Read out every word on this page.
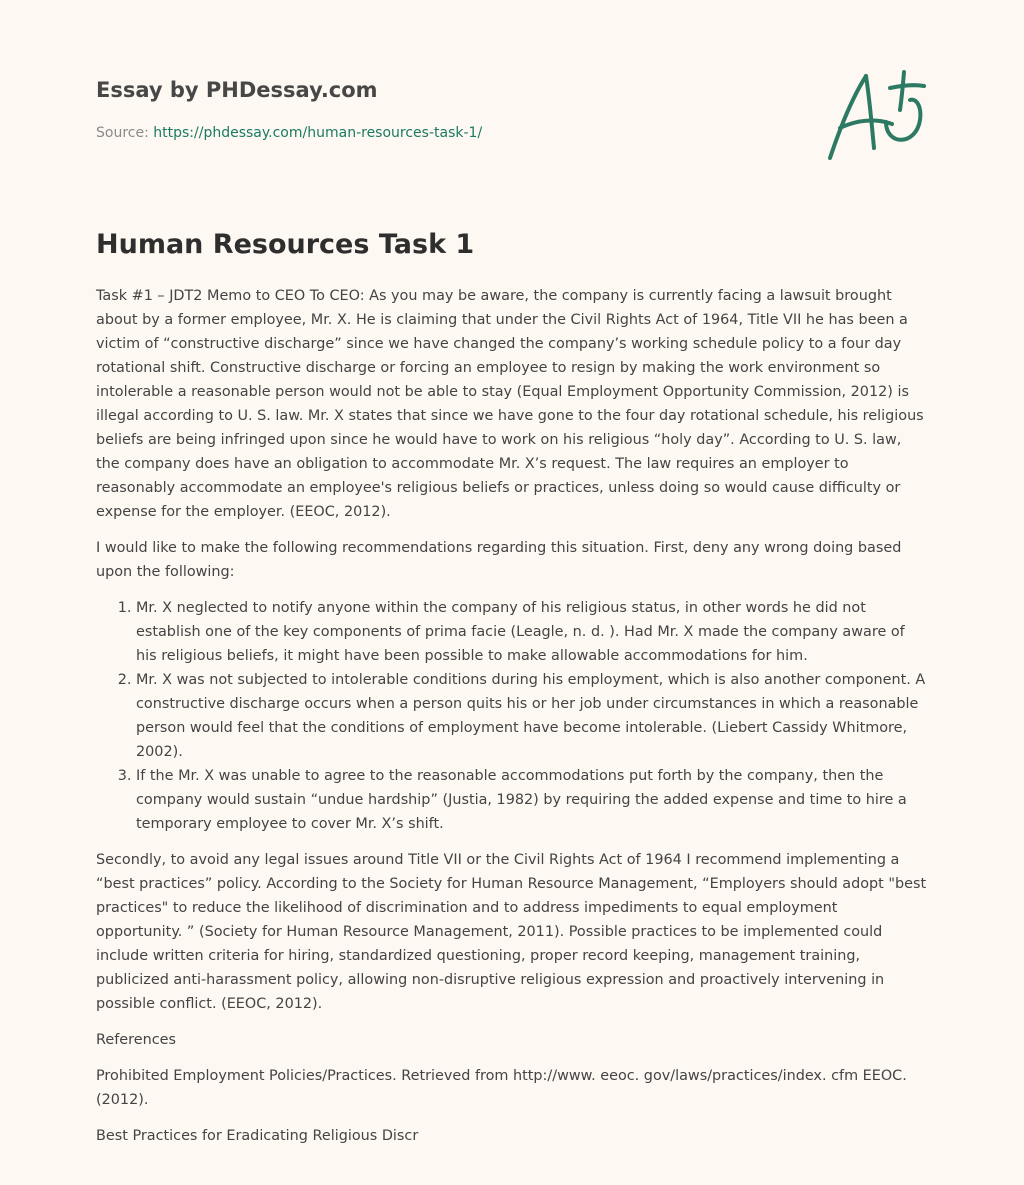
Essay by PHDessay.com
Source: https://phdessay.com/human-resources-task-1/
Human Resources Task 1

Task #1 – JDT2 Memo to CEO To CEO: As you may be aware, the company is currently facing a lawsuit brought about by a former employee, Mr. X. He is claiming that under the Civil Rights Act of 1964, Title VII he has been a victim of “constructive discharge” since we have changed the company’s working schedule policy to a four day rotational shift. Constructive discharge or forcing an employee to resign by making the work environment so intolerable a reasonable person would not be able to stay (Equal Employment Opportunity Commission, 2012) is illegal according to U. S. law. Mr. X states that since we have gone to the four day rotational schedule, his religious beliefs are being infringed upon since he would have to work on his religious “holy day”. According to U. S. law, the company does have an obligation to accommodate Mr. X’s request. The law requires an employer to reasonably accommodate an employee's religious beliefs or practices, unless doing so would cause difficulty or expense for the employer. (EEOC, 2012).

I would like to make the following recommendations regarding this situation. First, deny any wrong doing based upon the following:

1. Mr. X neglected to notify anyone within the company of his religious status, in other words he did not establish one of the key components of prima facie (Leagle, n. d. ). Had Mr. X made the company aware of his religious beliefs, it might have been possible to make allowable accommodations for him.
2. Mr. X was not subjected to intolerable conditions during his employment, which is also another component. A constructive discharge occurs when a person quits his or her job under circumstances in which a reasonable person would feel that the conditions of employment have become intolerable. (Liebert Cassidy Whitmore, 2002).
3. If the Mr. X was unable to agree to the reasonable accommodations put forth by the company, then the company would sustain “undue hardship” (Justia, 1982) by requiring the added expense and time to hire a temporary employee to cover Mr. X’s shift.

Secondly, to avoid any legal issues around Title VII or the Civil Rights Act of 1964 I recommend implementing a “best practices” policy. According to the Society for Human Resource Management, “Employers should adopt "best practices" to reduce the likelihood of discrimination and to address impediments to equal employment opportunity. ” (Society for Human Resource Management, 2011). Possible practices to be implemented could include written criteria for hiring, standardized questioning, proper record keeping, management training, publicized anti-harassment policy, allowing non-disruptive religious expression and proactively intervening in possible conflict. (EEOC, 2012).

References

Prohibited Employment Policies/Practices. Retrieved from http://www. eeoc. gov/laws/practices/index. cfm EEOC. (2012).

Best Practices for Eradicating Religious Discr
